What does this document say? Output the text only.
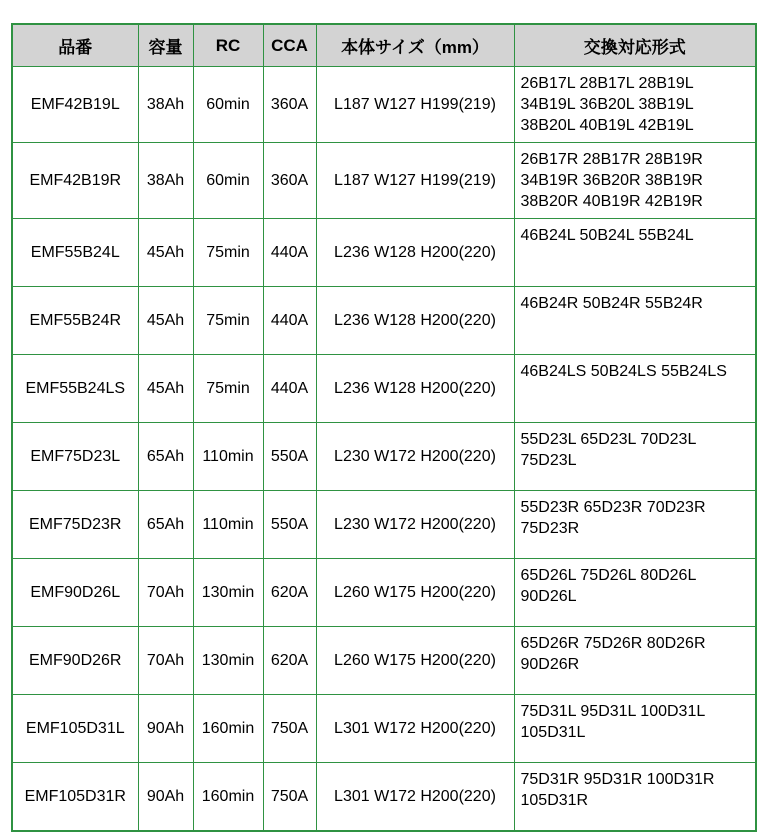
品番	容量	RC	CCA	本体サイズ（mm）	交換対応形式
EMF42B19L	38Ah	60min	360A	L187 W127 H199(219)	26B17L 28B17L 28B19L
34B19L 36B20L 38B19L
38B20L 40B19L 42B19L

EMF42B19R	38Ah	60min	360A	L187 W127 H199(219)	26B17R 28B17R 28B19R
34B19R 36B20R 38B19R
38B20R 40B19R 42B19R

EMF55B24L	45Ah	75min	440A	L236 W128 H200(220)	46B24L 50B24L 55B24L

EMF55B24R	45Ah	75min	440A	L236 W128 H200(220)	46B24R 50B24R 55B24R

EMF55B24LS	45Ah	75min	440A	L236 W128 H200(220)	46B24LS 50B24LS 55B24LS

EMF75D23L	65Ah	110min	550A	L230 W172 H200(220)	55D23L 65D23L 70D23L
75D23L

EMF75D23R	65Ah	110min	550A	L230 W172 H200(220)	55D23R 65D23R 70D23R
75D23R

EMF90D26L	70Ah	130min	620A	L260 W175 H200(220)	65D26L 75D26L 80D26L
90D26L

EMF90D26R	70Ah	130min	620A	L260 W175 H200(220)	65D26R 75D26R 80D26R
90D26R

EMF105D31L	90Ah	160min	750A	L301 W172 H200(220)	75D31L 95D31L 100D31L
105D31L

EMF105D31R	90Ah	160min	750A	L301 W172 H200(220)	75D31R 95D31R 100D31R
105D31R
